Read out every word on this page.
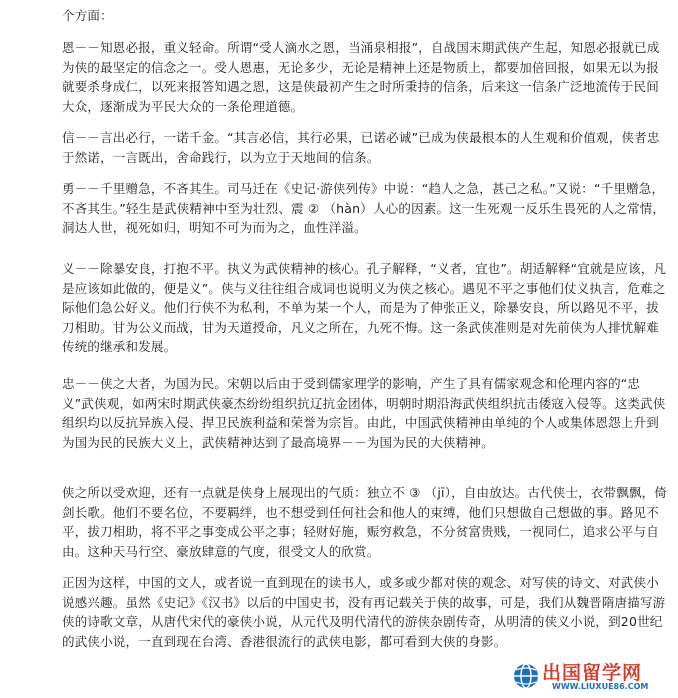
个方面：

恩－－知恩必报，重义轻命。所谓“受人滴水之恩，当涌泉相报”，自战国末期武侠产生起，知恩必报就已成为侠的最坚定的信念之一。受人恩惠，无论多少，无论是精神上还是物质上，都要加倍回报，如果无以为报就要杀身成仁，以死来报答知遇之恩，这是侠最初产生之时所秉持的信条，后来这一信条广泛地流传于民间大众，逐渐成为平民大众的一条伦理道德。

信－－言出必行，一诺千金。“其言必信，其行必果，已诺必诚”已成为侠最根本的人生观和价值观，侠者忠于然诺，一言既出，舍命践行，以为立于天地间的信条。

勇－－千里赠急，不吝其生。司马迁在《史记·游侠列传》中说：“趋人之急，甚己之私。”又说：“千里赠急，不吝其生。”轻生是武侠精神中至为壮烈、震 ② （hàn）人心的因素。这一生死观一反乐生畏死的人之常情，洞达人世，视死如归，明知不可为而为之，血性洋溢。

义－－除暴安良，打抱不平。执义为武侠精神的核心。孔子解释，“义者，宜也”。胡适解释“宜就是应该，凡是应该如此做的，便是义”。侠与义往往组合成词也说明义为侠之核心。遇见不平之事他们仗义执言，危难之际他们急公好义。他们行侠不为私利，不单为某一个人，而是为了伸张正义，除暴安良，所以路见不平，拔刀相助。甘为公义而战，甘为天道授命，凡义之所在，九死不悔。这一条武侠准则是对先前侠为人排忧解难传统的继承和发展。

忠－－侠之大者，为国为民。宋朝以后由于受到儒家理学的影响，产生了具有儒家观念和伦理内容的“忠义”武侠观，如两宋时期武侠豪杰纷纷组织抗辽抗金团体，明朝时期沿海武侠组织抗击倭寇入侵等。这类武侠组织均以反抗异族入侵、捍卫民族利益和荣誉为宗旨。由此，中国武侠精神由单纯的个人或集体恩怨上升到为国为民的民族大义上，武侠精神达到了最高境界－－为国为民的大侠精神。

侠之所以受欢迎，还有一点就是侠身上展现出的气质：独立不 ③ （jī），自由放达。古代侠士，衣带飘飘，倚剑长歌。他们不要名位，不要羁绊，也不想受到任何社会和他人的束缚，他们只想做自己想做的事。路见不平，拔刀相助，将不平之事变成公平之事；轻财好施，赈穷救急，不分贫富贵贱，一视同仁，追求公平与自由。这种天马行空、豪放肆意的气度，很受文人的欣赏。

正因为这样，中国的文人，或者说一直到现在的读书人，或多或少都对侠的观念、对写侠的诗文、对武侠小说感兴趣。虽然《史记》《汉书》以后的中国史书，没有再记载关于侠的故事，可是，我们从魏晋隋唐描写游侠的诗歌文章，从唐代宋代的豪侠小说，从元代及明代清代的游侠杂剧传奇，从明清的侠义小说，到20世纪的武侠小说，一直到现在台湾、香港很流行的武侠电影，都可看到大侠的身影。

出国留学网
WWW.LIUXUE86.COM
